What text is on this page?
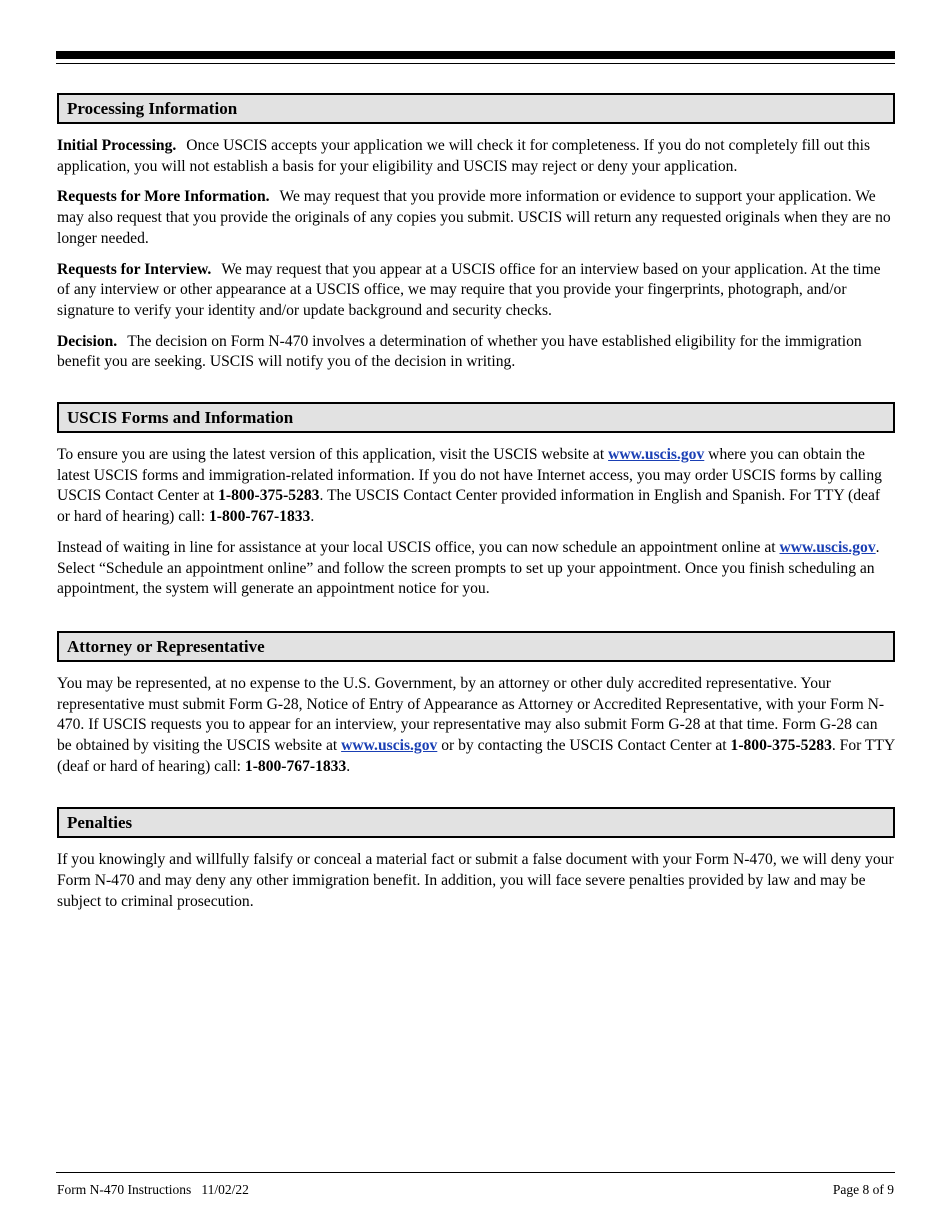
Processing Information

Initial Processing. Once USCIS accepts your application we will check it for completeness. If you do not completely fill out this application, you will not establish a basis for your eligibility and USCIS may reject or deny your application.

Requests for More Information. We may request that you provide more information or evidence to support your application. We may also request that you provide the originals of any copies you submit. USCIS will return any requested originals when they are no longer needed.

Requests for Interview. We may request that you appear at a USCIS office for an interview based on your application. At the time of any interview or other appearance at a USCIS office, we may require that you provide your fingerprints, photograph, and/or signature to verify your identity and/or update background and security checks.

Decision. The decision on Form N-470 involves a determination of whether you have established eligibility for the immigration benefit you are seeking. USCIS will notify you of the decision in writing.

USCIS Forms and Information

To ensure you are using the latest version of this application, visit the USCIS website at www.uscis.gov where you can obtain the latest USCIS forms and immigration-related information. If you do not have Internet access, you may order USCIS forms by calling USCIS Contact Center at 1-800-375-5283. The USCIS Contact Center provided information in English and Spanish. For TTY (deaf or hard of hearing) call: 1-800-767-1833.

Instead of waiting in line for assistance at your local USCIS office, you can now schedule an appointment online at www.uscis.gov. Select “Schedule an appointment online” and follow the screen prompts to set up your appointment. Once you finish scheduling an appointment, the system will generate an appointment notice for you.

Attorney or Representative

You may be represented, at no expense to the U.S. Government, by an attorney or other duly accredited representative. Your representative must submit Form G-28, Notice of Entry of Appearance as Attorney or Accredited Representative, with your Form N-470. If USCIS requests you to appear for an interview, your representative may also submit Form G-28 at that time. Form G-28 can be obtained by visiting the USCIS website at www.uscis.gov or by contacting the USCIS Contact Center at 1-800-375-5283. For TTY (deaf or hard of hearing) call: 1-800-767-1833.

Penalties

If you knowingly and willfully falsify or conceal a material fact or submit a false document with your Form N-470, we will deny your Form N-470 and may deny any other immigration benefit. In addition, you will face severe penalties provided by law and may be subject to criminal prosecution.

Form N-470 Instructions 11/02/22	Page 8 of 9
